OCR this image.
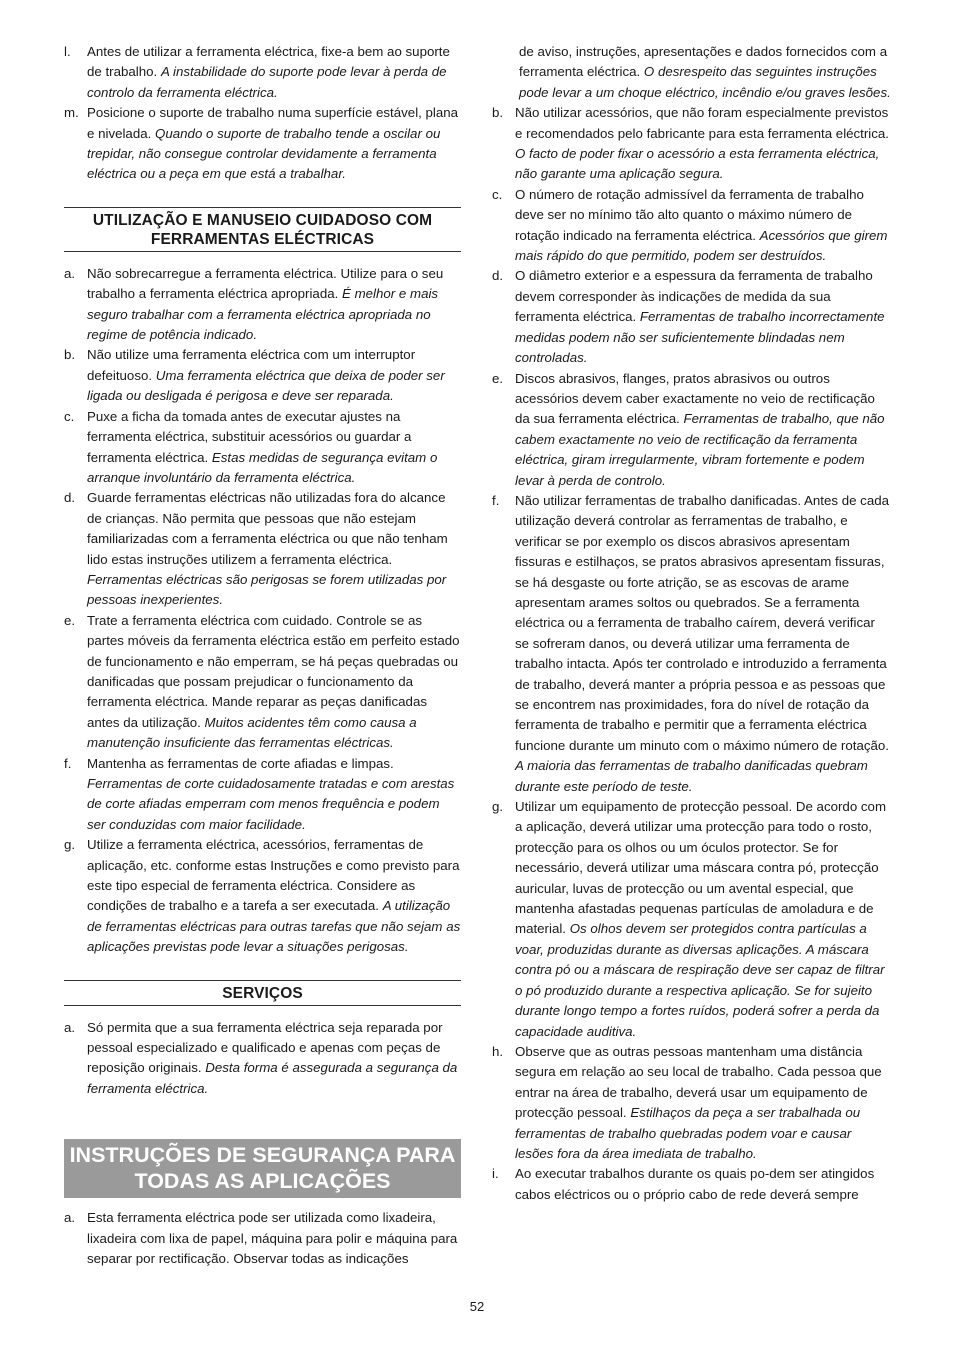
l.	Antes de utilizar a ferramenta eléctrica, fixe-a bem ao suporte de trabalho. A instabilidade do suporte pode levar à perda de controlo da ferramenta eléctrica.
m. Posicione o suporte de trabalho numa superfície estável, plana e nivelada. Quando o suporte de trabalho tende a oscilar ou trepidar, não consegue controlar devidamente a ferramenta eléctrica ou a peça em que está a trabalhar.
UTILIZAÇÃO E MANUSEIO CUIDADOSO COM FERRAMENTAS ELÉCTRICAS
a. Não sobrecarregue a ferramenta eléctrica. Utilize para o seu trabalho a ferramenta eléctrica apropriada. É melhor e mais seguro trabalhar com a ferramenta eléctrica apropriada no regime de potência indicado.
b. Não utilize uma ferramenta eléctrica com um interruptor defeituoso. Uma ferramenta eléctrica que deixa de poder ser ligada ou desligada é perigosa e deve ser reparada.
c. Puxe a ficha da tomada antes de executar ajustes na ferramenta eléctrica, substituir acessórios ou guardar a ferramenta eléctrica. Estas medidas de segurança evitam o arranque involuntário da ferramenta eléctrica.
d. Guarde ferramentas eléctricas não utilizadas fora do alcance de crianças. Não permita que pessoas que não estejam familiarizadas com a ferramenta eléctrica ou que não tenham lido estas instruções utilizem a ferramenta eléctrica. Ferramentas eléctricas são perigosas se forem utilizadas por pessoas inexperientes.
e. Trate a ferramenta eléctrica com cuidado. Controle se as partes móveis da ferramenta eléctrica estão em perfeito estado de funcionamento e não emperram, se há peças quebradas ou danificadas que possam prejudicar o funcionamento da ferramenta eléctrica. Mande reparar as peças danificadas antes da utilização. Muitos acidentes têm como causa a manutenção insuficiente das ferramentas eléctricas.
f.	Mantenha as ferramentas de corte afiadas e limpas. Ferramentas de corte cuidadosamente tratadas e com arestas de corte afiadas emperram com menos frequência e podem ser conduzidas com maior facilidade.
g. Utilize a ferramenta eléctrica, acessórios, ferramentas de aplicação, etc. conforme estas Instruções e como previsto para este tipo especial de ferramenta eléctrica. Considere as condições de trabalho e a tarefa a ser executada. A utilização de ferramentas eléctricas para outras tarefas que não sejam as aplicações previstas pode levar a situações perigosas.
SERVIÇOS
a. Só permita que a sua ferramenta eléctrica seja reparada por pessoal especializado e qualificado e apenas com peças de reposição originais. Desta forma é assegurada a segurança da ferramenta eléctrica.
INSTRUÇÕES DE SEGURANÇA PARA TODAS AS APLICAÇÕES
a. Esta ferramenta eléctrica pode ser utilizada como lixadeira, lixadeira com lixa de papel, máquina para polir e máquina para separar por rectificação. Observar todas as indicações
de aviso, instruções, apresentações e dados fornecidos com a ferramenta eléctrica. O desrespeito das seguintes instruções pode levar a um choque eléctrico, incêndio e/ou graves lesões.
b. Não utilizar acessórios, que não foram especialmente previstos e recomendados pelo fabricante para esta ferramenta eléctrica. O facto de poder fixar o acessório a esta ferramenta eléctrica, não garante uma aplicação segura.
c. O número de rotação admissível da ferramenta de trabalho deve ser no mínimo tão alto quanto o máximo número de rotação indicado na ferramenta eléctrica. Acessórios que girem mais rápido do que permitido, podem ser destruídos.
d. O diâmetro exterior e a espessura da ferramenta de trabalho devem corresponder às indicações de medida da sua ferramenta eléctrica. Ferramentas de trabalho incorrectamente medidas podem não ser suficientemente blindadas nem controladas.
e. Discos abrasivos, flanges, pratos abrasivos ou outros acessórios devem caber exactamente no veio de rectificação da sua ferramenta eléctrica. Ferramentas de trabalho, que não cabem exactamente no veio de rectificação da ferramenta eléctrica, giram irregularmente, vibram fortemente e podem levar à perda de controlo.
f.	Não utilizar ferramentas de trabalho danificadas. Antes de cada utilização deverá controlar as ferramentas de trabalho, e verificar se por exemplo os discos abrasivos apresentam fissuras e estilhaços, se pratos abrasivos apresentam fissuras, se há desgaste ou forte atrição, se as escovas de arame apresentam arames soltos ou quebrados. Se a ferramenta eléctrica ou a ferramenta de trabalho caírem, deverá verificar se sofreram danos, ou deverá utilizar uma ferramenta de trabalho intacta. Após ter controlado e introduzido a ferramenta de trabalho, deverá manter a própria pessoa e as pessoas que se encontrem nas proximidades, fora do nível de rotação da ferramenta de trabalho e permitir que a ferramenta eléctrica funcione durante um minuto com o máximo número de rotação. A maioria das ferramentas de trabalho danificadas quebram durante este período de teste.
g. Utilizar um equipamento de protecção pessoal. De acordo com a aplicação, deverá utilizar uma protecção para todo o rosto, protecção para os olhos ou um óculos protector. Se for necessário, deverá utilizar uma máscara contra pó, protecção auricular, luvas de protecção ou um avental especial, que mantenha afastadas pequenas partículas de amoladura e de material. Os olhos devem ser protegidos contra partículas a voar, produzidas durante as diversas aplicações. A máscara contra pó ou a máscara de respiração deve ser capaz de filtrar o pó produzido durante a respectiva aplicação. Se for sujeito durante longo tempo a fortes ruídos, poderá sofrer a perda da capacidade auditiva.
h. Observe que as outras pessoas mantenham uma distância segura em relação ao seu local de trabalho. Cada pessoa que entrar na área de trabalho, deverá usar um equipamento de protecção pessoal. Estilhaços da peça a ser trabalhada ou ferramentas de trabalho quebradas podem voar e causar lesões fora da área imediata de trabalho.
i.	Ao executar trabalhos durante os quais po-dem ser atingidos cabos eléctricos ou o próprio cabo de rede deverá sempre
52
